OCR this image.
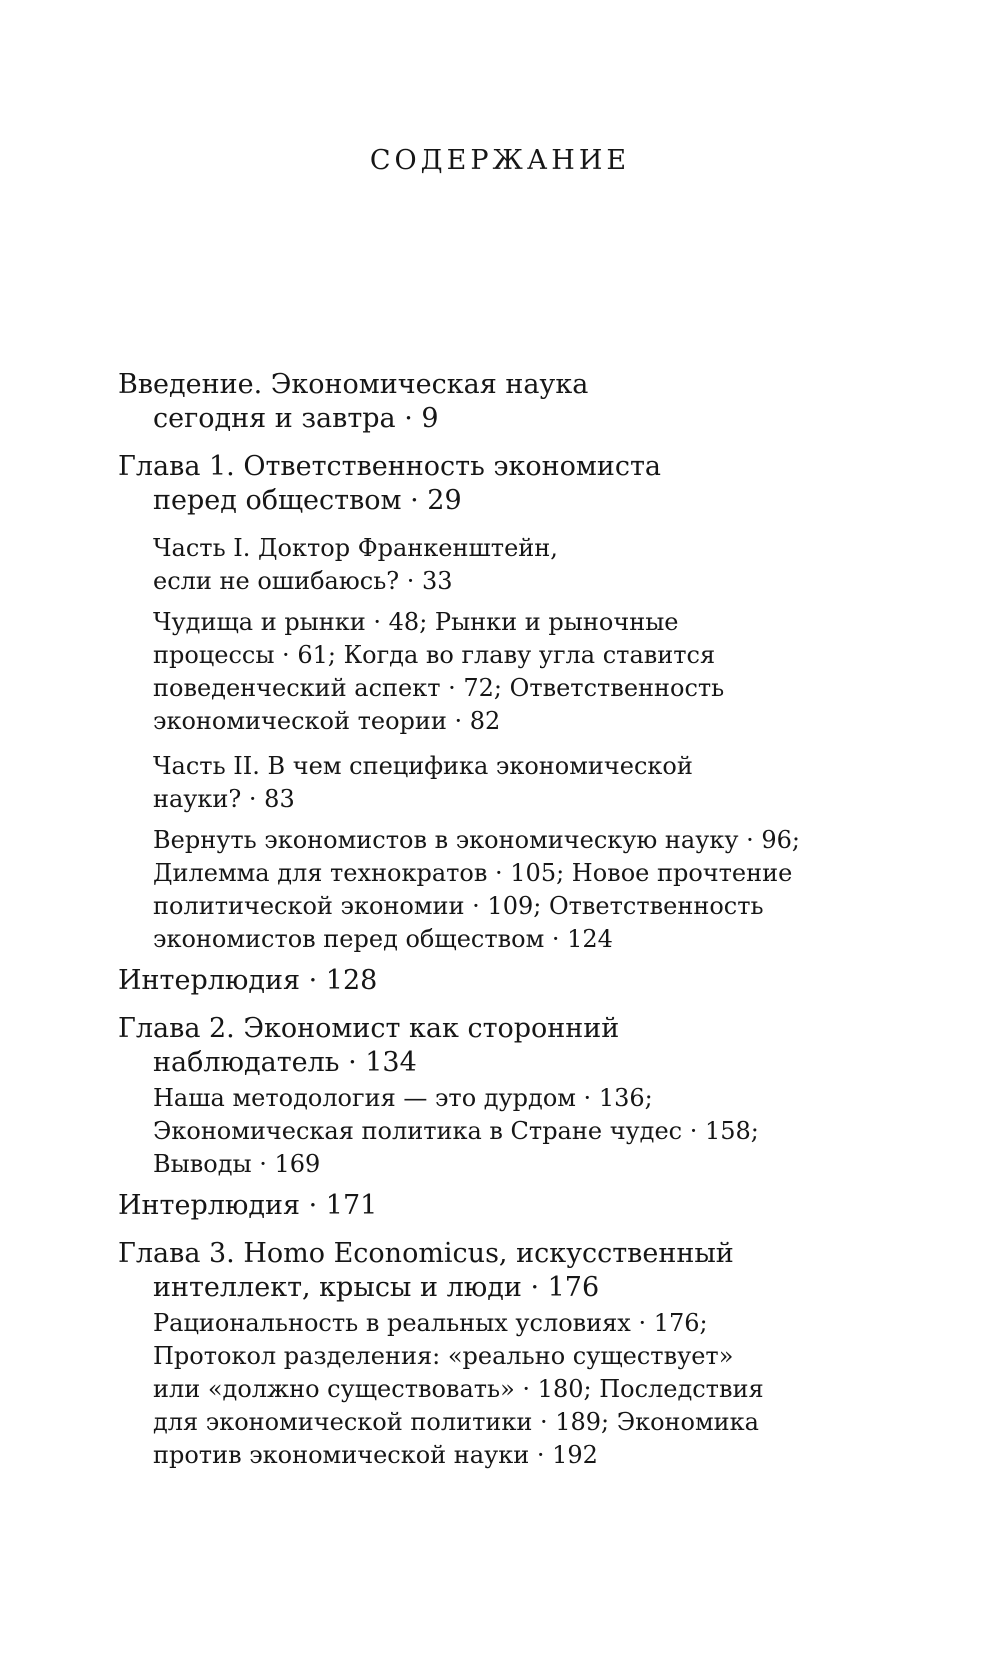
СОДЕРЖАНИЕ
Введение. Экономическая наука
сегодня и завтра · 9
Глава 1. Ответственность экономиста
перед обществом · 29
Часть I. Доктор Франкенштейн,
если не ошибаюсь? · 33
Чудища и рынки · 48; Рынки и рыночные
процессы · 61; Когда во главу угла ставится
поведенческий аспект · 72; Ответственность
экономической теории · 82
Часть II. В чем специфика экономической
науки? · 83
Вернуть экономистов в экономическую науку · 96;
Дилемма для технократов · 105; Новое прочтение
политической экономии · 109; Ответственность
экономистов перед обществом · 124
Интерлюдия · 128
Глава 2. Экономист как сторонний
наблюдатель · 134
Наша методология — это дурдом · 136;
Экономическая политика в Стране чудес · 158;
Выводы · 169
Интерлюдия · 171
Глава 3. Homo Economicus, искусственный
интеллект, крысы и люди · 176
Рациональность в реальных условиях · 176;
Протокол разделения: «реально существует»
или «должно существовать» · 180; Последствия
для экономической политики · 189; Экономика
против экономической науки · 192
